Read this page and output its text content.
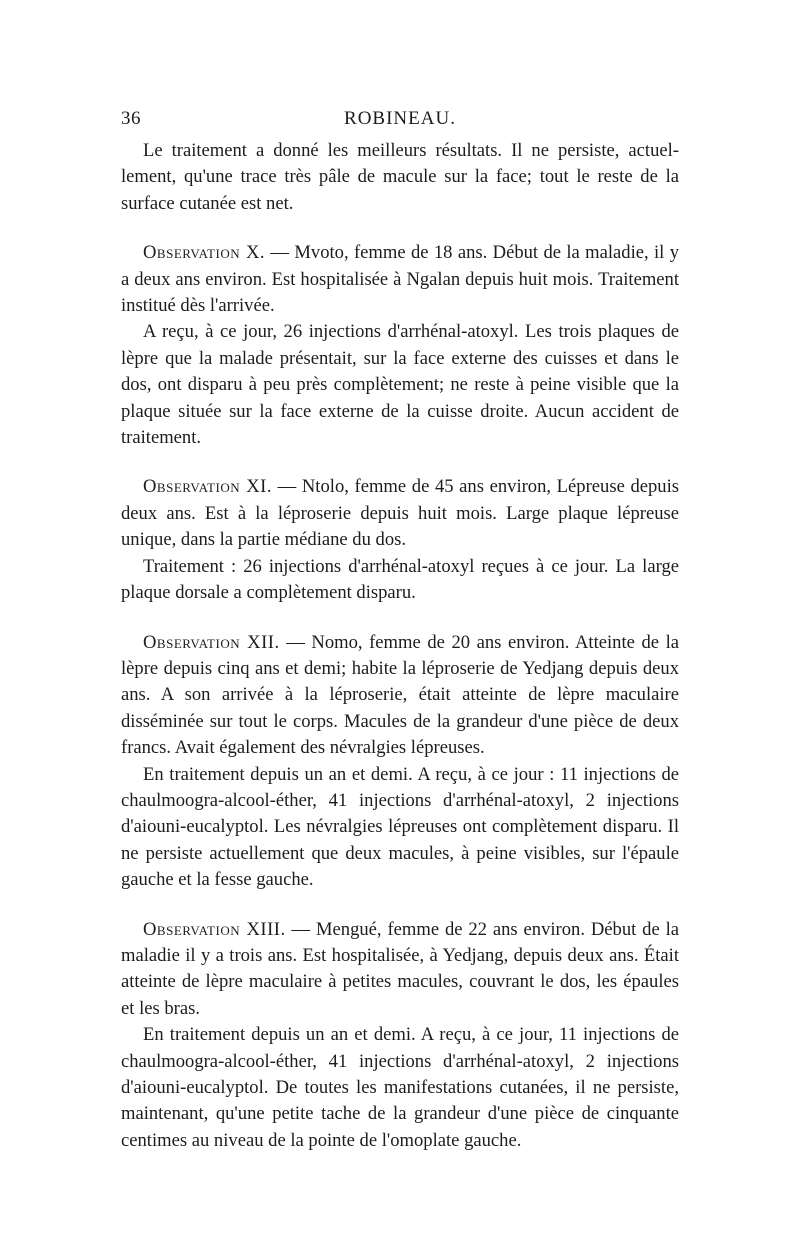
36	ROBINEAU.

Le traitement a donné les meilleurs résultats. Il ne persiste, actuellement, qu'une trace très pâle de macule sur la face; tout le reste de la surface cutanée est net.

Observation X. — Mvoto, femme de 18 ans. Début de la maladie, il y a deux ans environ. Est hospitalisée à Ngalan depuis huit mois. Traitement institué dès l'arrivée.

A reçu, à ce jour, 26 injections d'arrhénal-atoxyl. Les trois plaques de lèpre que la malade présentait, sur la face externe des cuisses et dans le dos, ont disparu à peu près complètement; ne reste à peine visible que la plaque située sur la face externe de la cuisse droite. Aucun accident de traitement.

Observation XI. — Ntolo, femme de 45 ans environ, Lépreuse depuis deux ans. Est à la léproserie depuis huit mois. Large plaque lépreuse unique, dans la partie médiane du dos.

Traitement : 26 injections d'arrhénal-atoxyl reçues à ce jour. La large plaque dorsale a complètement disparu.

Observation XII. — Nomo, femme de 20 ans environ. Atteinte de la lèpre depuis cinq ans et demi; habite la léproserie de Yedjang depuis deux ans. A son arrivée à la léproserie, était atteinte de lèpre maculaire disséminée sur tout le corps. Macules de la grandeur d'une pièce de deux francs. Avait également des névralgies lépreuses.

En traitement depuis un an et demi. A reçu, à ce jour : 11 injections de chaulmoogra-alcool-éther, 41 injections d'arrhénal-atoxyl, 2 injections d'aiouni-eucalyptol. Les névralgies lépreuses ont complètement disparu. Il ne persiste actuellement que deux macules, à peine visibles, sur l'épaule gauche et la fesse gauche.

Observation XIII. — Mengué, femme de 22 ans environ. Début de la maladie il y a trois ans. Est hospitalisée, à Yedjang, depuis deux ans. Était atteinte de lèpre maculaire à petites macules, couvrant le dos, les épaules et les bras.

En traitement depuis un an et demi. A reçu, à ce jour, 11 injections de chaulmoogra-alcool-éther, 41 injections d'arrhénal-atoxyl, 2 injections d'aiouni-eucalyptol. De toutes les manifestations cutanées, il ne persiste, maintenant, qu'une petite tache de la grandeur d'une pièce de cinquante centimes au niveau de la pointe de l'omoplate gauche.
